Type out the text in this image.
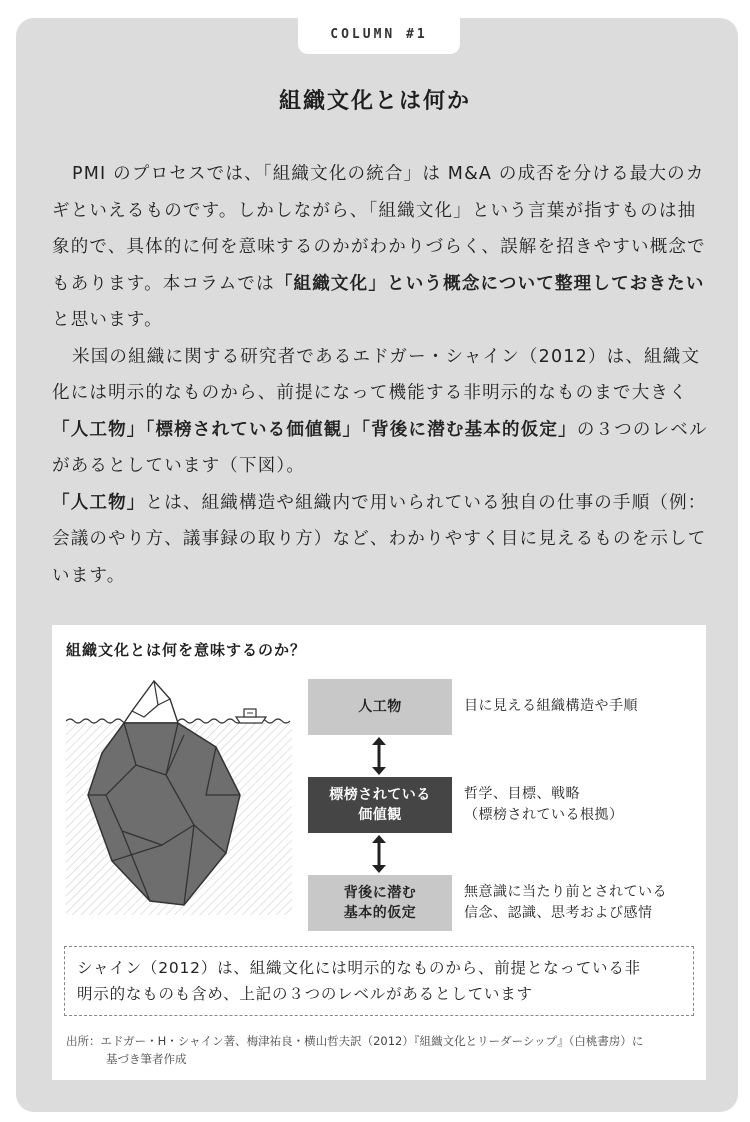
COLUMN #1
組織文化とは何か

PMI のプロセスでは、「組織文化の統合」は M&A の成否を分ける最大のカギといえるものです。しかしながら、「組織文化」という言葉が指すものは抽象的で、具体的に何を意味するのかがわかりづらく、誤解を招きやすい概念でもあります。本コラムでは「組織文化」という概念について整理しておきたいと思います。

米国の組織に関する研究者であるエドガー・シャイン（2012）は、組織文化には明示的なものから、前提になって機能する非明示的なものまで大きく「人工物」「標榜されている価値観」「背後に潜む基本的仮定」の３つのレベルがあるとしています（下図）。

「人工物」とは、組織構造や組織内で用いられている独自の仕事の手順（例：会議のやり方、議事録の取り方）など、わかりやすく目に見えるものを示しています。

組織文化とは何を意味するのか？
人工物
標榜されている
価値観
背後に潜む
基本的仮定
目に見える組織構造や手順
哲学、目標、戦略
（標榜されている根拠）
無意識に当たり前とされている
信念、認識、思考および感情
シャイン（2012）は、組織文化には明示的なものから、前提となっている非
明示的なものも含め、上記の３つのレベルがあるとしています
出所：エドガー・H・シャイン著、梅津祐良・横山哲夫訳（2012）『組織文化とリーダーシップ』（白桃書房）に
基づき筆者作成
